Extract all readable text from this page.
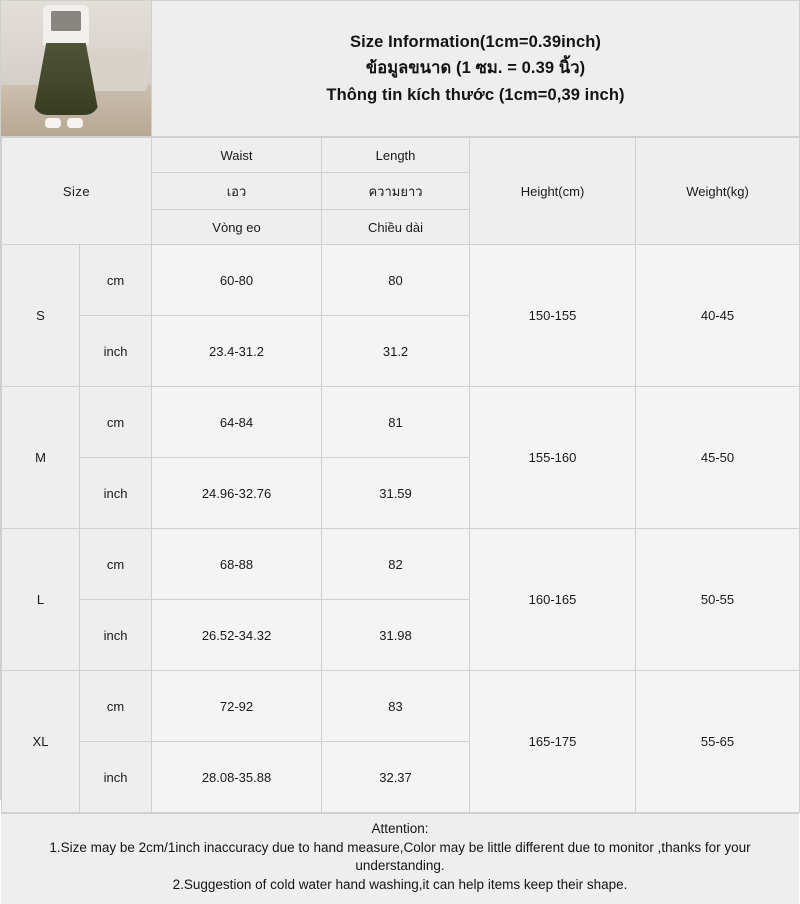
Size Information(1cm=0.39inch)
ข้อมูลขนาด (1 ซม. = 0.39 นิ้ว)
Thông tin kích thước (1cm=0,39 inch)
Size		Waist	Length	Height(cm)	Weight(kg)
		เอว	ความยาว		
		Vòng eo	Chiều dài		
S	cm	60-80	80	150-155	40-45
	inch	23.4-31.2	31.2		
M	cm	64-84	81	155-160	45-50
	inch	24.96-32.76	31.59		
L	cm	68-88	82	160-165	50-55
	inch	26.52-34.32	31.98		
XL	cm	72-92	83	165-175	55-65
	inch	28.08-35.88	32.37		
Attention:
1.Size may be 2cm/1inch inaccuracy due to hand measure,Color may be little different due to monitor ,thanks for your understanding.
2.Suggestion of cold water hand washing,it can help items keep their shape.
